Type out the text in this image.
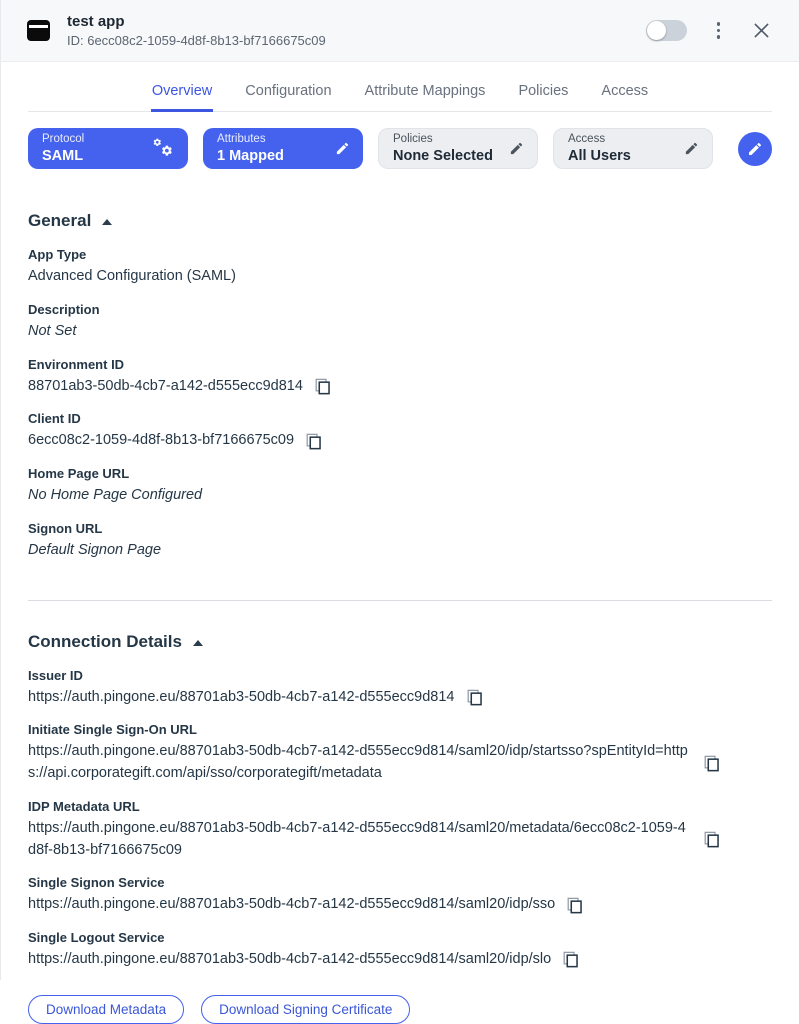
test app
ID: 6ecc08c2-1059-4d8f-8b13-bf7166675c09
Overview Configuration Attribute Mappings Policies Access
Protocol
SAML
Attributes
1 Mapped
Policies
None Selected
Access
All Users
General
App Type
Advanced Configuration (SAML)
Description
Not Set
Environment ID
88701ab3-50db-4cb7-a142-d555ecc9d814
Client ID
6ecc08c2-1059-4d8f-8b13-bf7166675c09
Home Page URL
No Home Page Configured
Signon URL
Default Signon Page
Connection Details
Issuer ID
https://auth.pingone.eu/88701ab3-50db-4cb7-a142-d555ecc9d814
Initiate Single Sign-On URL
https://auth.pingone.eu/88701ab3-50db-4cb7-a142-d555ecc9d814/saml20/idp/startsso?spEntityId=https://api.corporategift.com/api/sso/corporategift/metadata
IDP Metadata URL
https://auth.pingone.eu/88701ab3-50db-4cb7-a142-d555ecc9d814/saml20/metadata/6ecc08c2-1059-4d8f-8b13-bf7166675c09
Single Signon Service
https://auth.pingone.eu/88701ab3-50db-4cb7-a142-d555ecc9d814/saml20/idp/sso
Single Logout Service
https://auth.pingone.eu/88701ab3-50db-4cb7-a142-d555ecc9d814/saml20/idp/slo
Download Metadata	Download Signing Certificate
